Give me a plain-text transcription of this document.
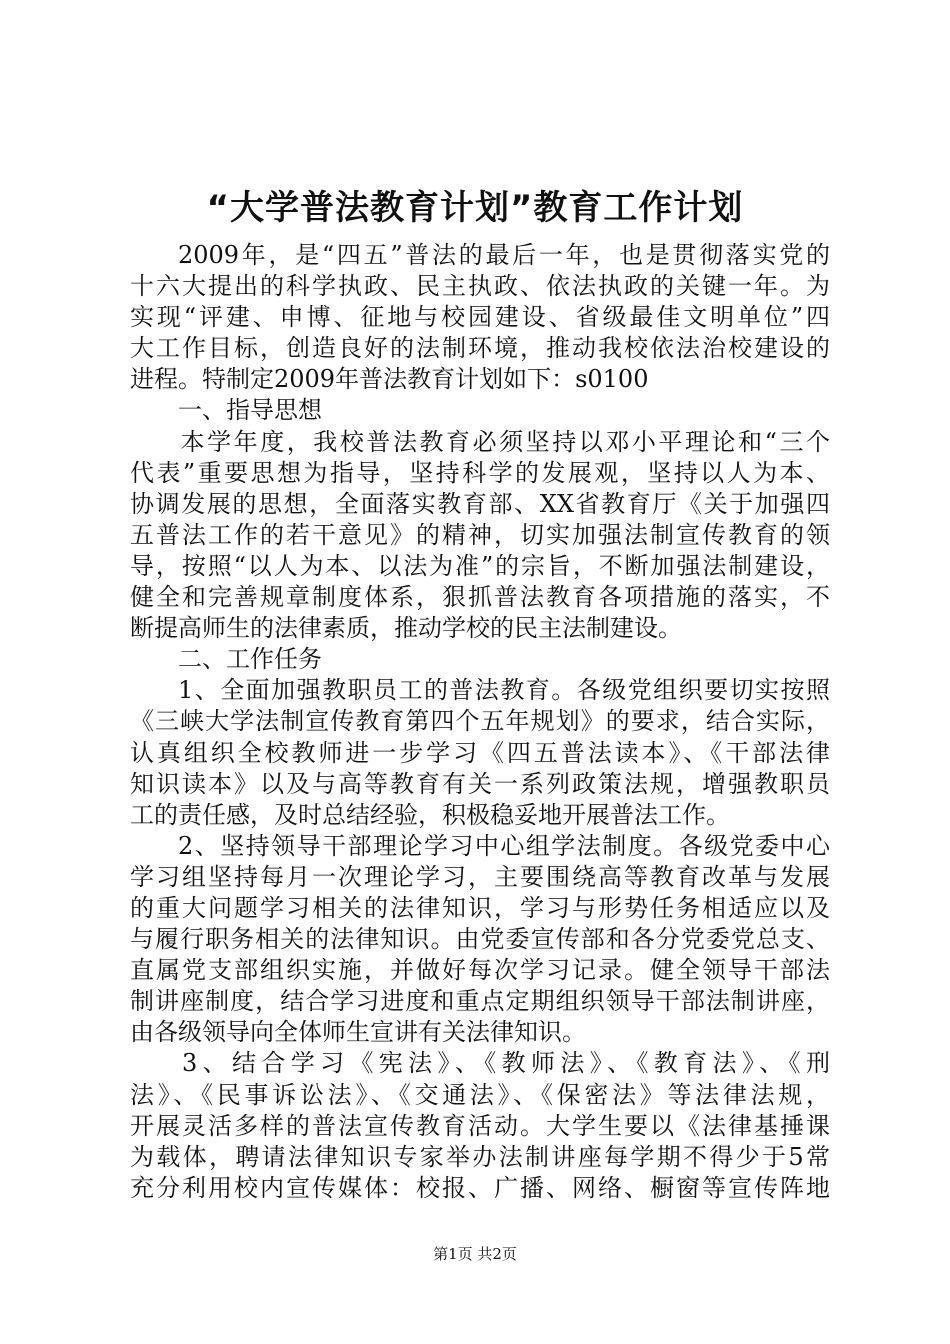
“大学普法教育计划”教育工作计划
2009年，是“四五”普法的最后一年，也是贯彻落实党的
十六大提出的科学执政、民主执政、依法执政的关键一年。为
实现“评建、申博、征地与校园建设、省级最佳文明单位”四
大工作目标，创造良好的法制环境，推动我校依法治校建设的
进程。特制定2009年普法教育计划如下：s0100
一、指导思想
本学年度，我校普法教育必须坚持以邓小平理论和“三个
代表”重要思想为指导，坚持科学的发展观，坚持以人为本、
协调发展的思想，全面落实教育部、XX省教育厅《关于加强四
五普法工作的若干意见》的精神，切实加强法制宣传教育的领
导，按照“以人为本、以法为准”的宗旨，不断加强法制建设，
健全和完善规章制度体系，狠抓普法教育各项措施的落实，不
断提高师生的法律素质，推动学校的民主法制建设。
二、工作任务
1、全面加强教职员工的普法教育。各级党组织要切实按照
《三峡大学法制宣传教育第四个五年规划》的要求，结合实际，
认真组织全校教师进一步学习《四五普法读本》、《干部法律
知识读本》以及与高等教育有关一系列政策法规，增强教职员
工的责任感，及时总结经验，积极稳妥地开展普法工作。
2、坚持领导干部理论学习中心组学法制度。各级党委中心
学习组坚持每月一次理论学习，主要围绕高等教育改革与发展
的重大问题学习相关的法律知识，学习与形势任务相适应以及
与履行职务相关的法律知识。由党委宣传部和各分党委党总支、
直属党支部组织实施，并做好每次学习记录。健全领导干部法
制讲座制度，结合学习进度和重点定期组织领导干部法制讲座，
由各级领导向全体师生宣讲有关法律知识。
3、结合学习《宪法》、《教师法》、《教育法》、《刑
法》、《民事诉讼法》、《交通法》、《保密法》等法律法规，
开展灵活多样的普法宣传教育活动。大学生要以《法律基捶课
为载体，聘请法律知识专家举办法制讲座每学期不得少于5常
充分利用校内宣传媒体：校报、广播、网络、橱窗等宣传阵地
第1页 共2页
